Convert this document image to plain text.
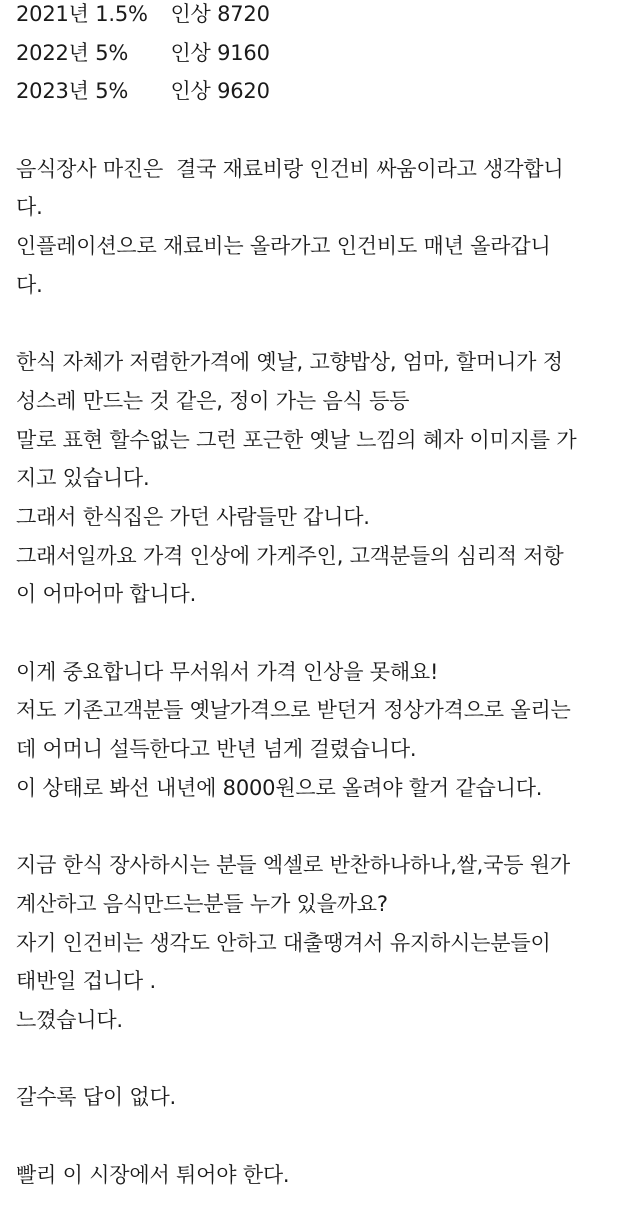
2021년 1.5% 인상 8720
2022년 5% 인상 9160
2023년 5% 인상 9620
음식장사 마진은  결국 재료비랑 인건비 싸움이라고 생각합니
다.
인플레이션으로 재료비는 올라가고 인건비도 매년 올라갑니
다.
한식 자체가 저렴한가격에 옛날, 고향밥상, 엄마, 할머니가 정
성스레 만드는 것 같은, 정이 가는 음식 등등
말로 표현 할수없는 그런 포근한 옛날 느낌의 혜자 이미지를 가
지고 있습니다.
그래서 한식집은 가던 사람들만 갑니다.
그래서일까요 가격 인상에 가게주인, 고객분들의 심리적 저항
이 어마어마 합니다.
이게 중요합니다 무서워서 가격 인상을 못해요!
저도 기존고객분들 옛날가격으로 받던거 정상가격으로 올리는
데 어머니 설득한다고 반년 넘게 걸렸습니다.
이 상태로 봐선 내년에 8000원으로 올려야 할거 같습니다.
지금 한식 장사하시는 분들 엑셀로 반찬하나하나,쌀,국등 원가
계산하고 음식만드는분들 누가 있을까요?
자기 인건비는 생각도 안하고 대출땡겨서 유지하시는분들이
태반일 겁니다 .
느꼈습니다.
갈수록 답이 없다.
빨리 이 시장에서 튀어야 한다.
